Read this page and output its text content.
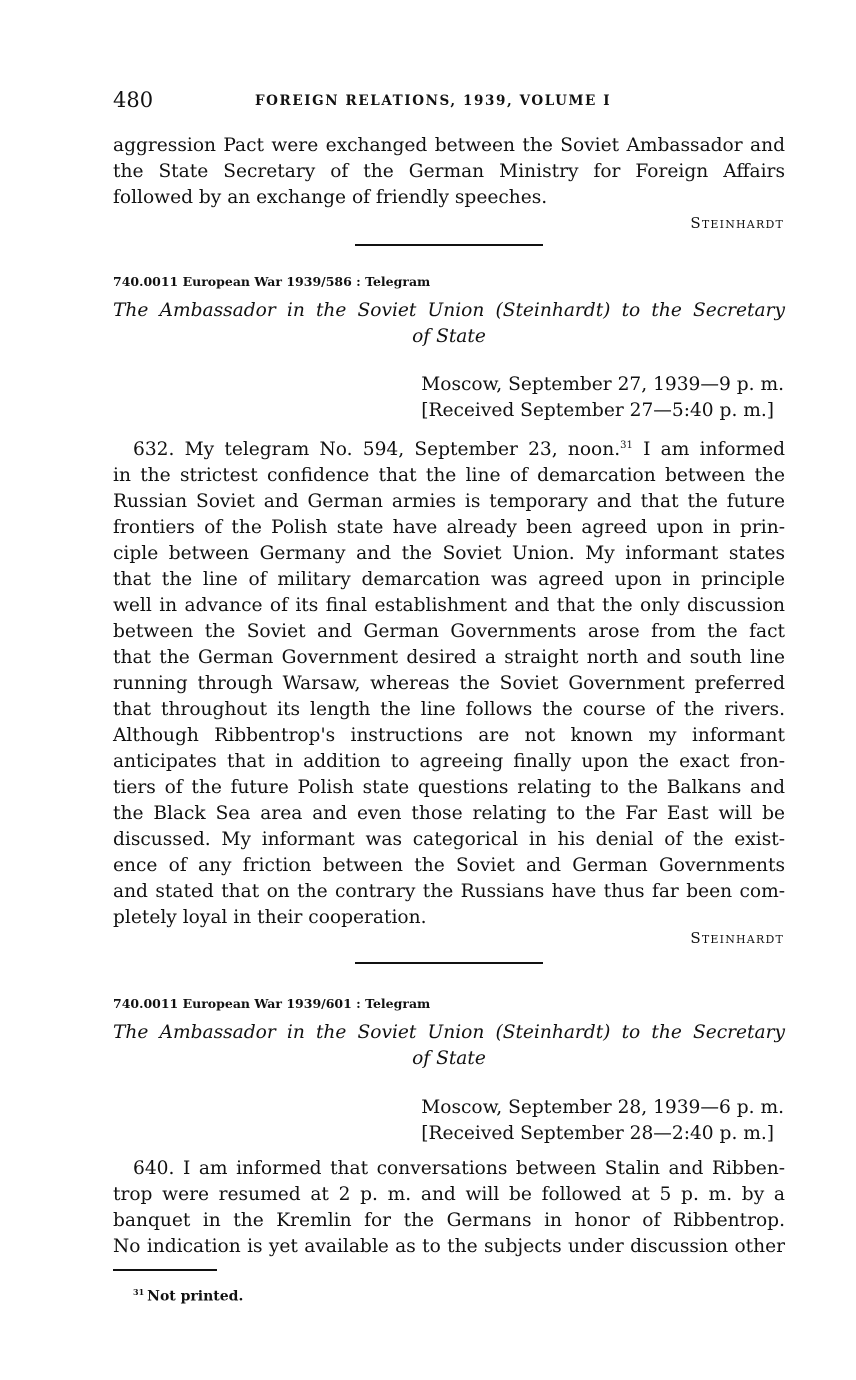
480	FOREIGN RELATIONS, 1939, VOLUME I
aggression Pact were exchanged between the Soviet Ambassador and
the State Secretary of the German Ministry for Foreign Affairs
followed by an exchange of friendly speeches.
Steinhardt
740.0011 European War 1939/586 : Telegram
The Ambassador in the Soviet Union (Steinhardt) to the Secretary
of State
Moscow, September 27, 1939—9 p. m.
[Received September 27—5:40 p. m.]
632. My telegram No. 594, September 23, noon.$^{31}$ I am informed
in the strictest confidence that the line of demarcation between the
Russian Soviet and German armies is temporary and that the future
frontiers of the Polish state have already been agreed upon in prin-
ciple between Germany and the Soviet Union. My informant states
that the line of military demarcation was agreed upon in principle
well in advance of its final establishment and that the only discussion
between the Soviet and German Governments arose from the fact
that the German Government desired a straight north and south line
running through Warsaw, whereas the Soviet Government preferred
that throughout its length the line follows the course of the rivers.
Although Ribbentrop's instructions are not known my informant
anticipates that in addition to agreeing finally upon the exact fron-
tiers of the future Polish state questions relating to the Balkans and
the Black Sea area and even those relating to the Far East will be
discussed. My informant was categorical in his denial of the exist-
ence of any friction between the Soviet and German Governments
and stated that on the contrary the Russians have thus far been com-
pletely loyal in their cooperation.
Steinhardt
740.0011 European War 1939/601 : Telegram
The Ambassador in the Soviet Union (Steinhardt) to the Secretary
of State
Moscow, September 28, 1939—6 p. m.
[Received September 28—2:40 p. m.]
640. I am informed that conversations between Stalin and Ribben-
trop were resumed at 2 p. m. and will be followed at 5 p. m. by a
banquet in the Kremlin for the Germans in honor of Ribbentrop.
No indication is yet available as to the subjects under discussion other
$^{31}$ Not printed.
